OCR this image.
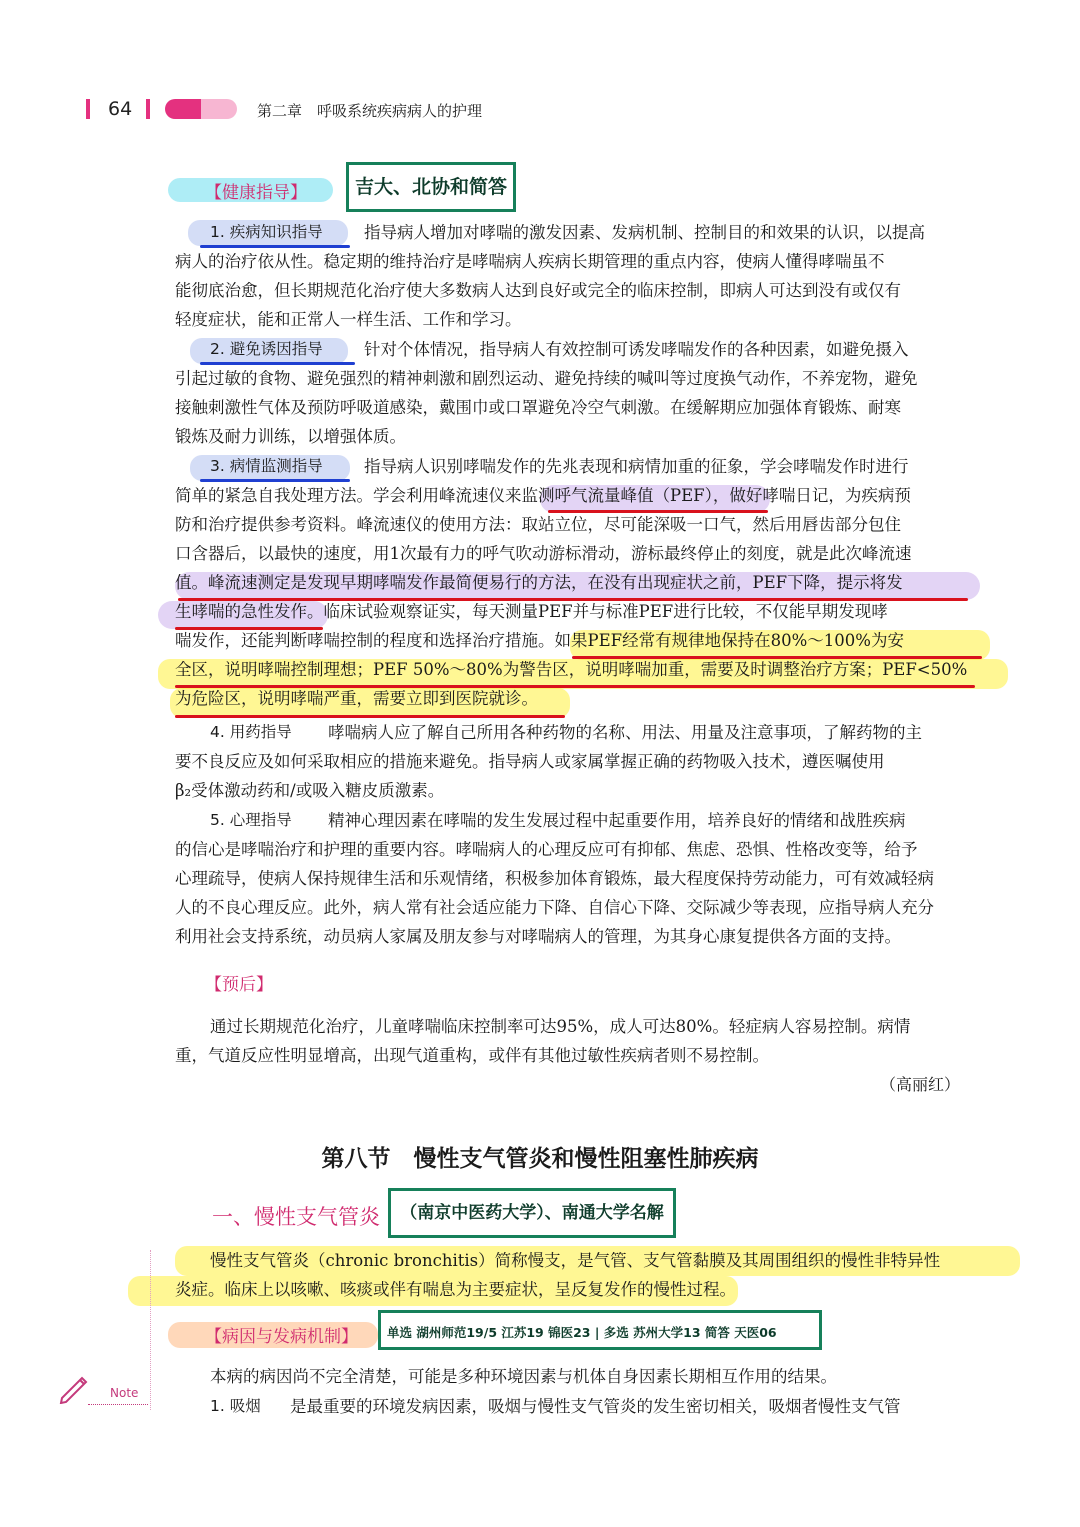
64	第二章　呼吸系统疾病病人的护理
【健康指导】	吉大、北协和简答
1. 疾病知识指导	指导病人增加对哮喘的激发因素、发病机制、控制目的和效果的认识，以提高
病人的治疗依从性。稳定期的维持治疗是哮喘病人疾病长期管理的重点内容，使病人懂得哮喘虽不
能彻底治愈，但长期规范化治疗使大多数病人达到良好或完全的临床控制，即病人可达到没有或仅有
轻度症状，能和正常人一样生活、工作和学习。
2. 避免诱因指导	针对个体情况，指导病人有效控制可诱发哮喘发作的各种因素，如避免摄入
引起过敏的食物、避免强烈的精神刺激和剧烈运动、避免持续的喊叫等过度换气动作，不养宠物，避免
接触刺激性气体及预防呼吸道感染，戴围巾或口罩避免冷空气刺激。在缓解期应加强体育锻炼、耐寒
锻炼及耐力训练，以增强体质。
3. 病情监测指导	指导病人识别哮喘发作的先兆表现和病情加重的征象，学会哮喘发作时进行
简单的紧急自我处理方法。学会利用峰流速仪来监测呼气流量峰值（PEF），做好哮喘日记，为疾病预
防和治疗提供参考资料。峰流速仪的使用方法：取站立位，尽可能深吸一口气，然后用唇齿部分包住
口含器后，以最快的速度，用1次最有力的呼气吹动游标滑动，游标最终停止的刻度，就是此次峰流速
值。峰流速测定是发现早期哮喘发作最简便易行的方法，在没有出现症状之前，PEF下降，提示将发
生哮喘的急性发作。临床试验观察证实，每天测量PEF并与标准PEF进行比较，不仅能早期发现哮
喘发作，还能判断哮喘控制的程度和选择治疗措施。如果PEF经常有规律地保持在80%～100%为安
全区，说明哮喘控制理想；PEF 50%～80%为警告区，说明哮喘加重，需要及时调整治疗方案；PEF<50%
为危险区，说明哮喘严重，需要立即到医院就诊。
4. 用药指导	哮喘病人应了解自己所用各种药物的名称、用法、用量及注意事项，了解药物的主
要不良反应及如何采取相应的措施来避免。指导病人或家属掌握正确的药物吸入技术，遵医嘱使用
β₂受体激动药和/或吸入糖皮质激素。
5. 心理指导	精神心理因素在哮喘的发生发展过程中起重要作用，培养良好的情绪和战胜疾病
的信心是哮喘治疗和护理的重要内容。哮喘病人的心理反应可有抑郁、焦虑、恐惧、性格改变等，给予
心理疏导，使病人保持规律生活和乐观情绪，积极参加体育锻炼，最大程度保持劳动能力，可有效减轻病
人的不良心理反应。此外，病人常有社会适应能力下降、自信心下降、交际减少等表现，应指导病人充分
利用社会支持系统，动员病人家属及朋友参与对哮喘病人的管理，为其身心康复提供各方面的支持。
【预后】
通过长期规范化治疗，儿童哮喘临床控制率可达95%，成人可达80%。轻症病人容易控制。病情
重，气道反应性明显增高，出现气道重构，或伴有其他过敏性疾病者则不易控制。
（高丽红）
第八节　慢性支气管炎和慢性阻塞性肺疾病
一、慢性支气管炎	（南京中医药大学）、南通大学名解
慢性支气管炎（chronic bronchitis）简称慢支，是气管、支气管黏膜及其周围组织的慢性非特异性
炎症。临床上以咳嗽、咳痰或伴有喘息为主要症状，呈反复发作的慢性过程。
【病因与发病机制】	单选 湖州师范19/5 江苏19 锦医23 | 多选 苏州大学13 简答 天医06
本病的病因尚不完全清楚，可能是多种环境因素与机体自身因素长期相互作用的结果。
1. 吸烟	是最重要的环境发病因素，吸烟与慢性支气管炎的发生密切相关，吸烟者慢性支气管
Note
